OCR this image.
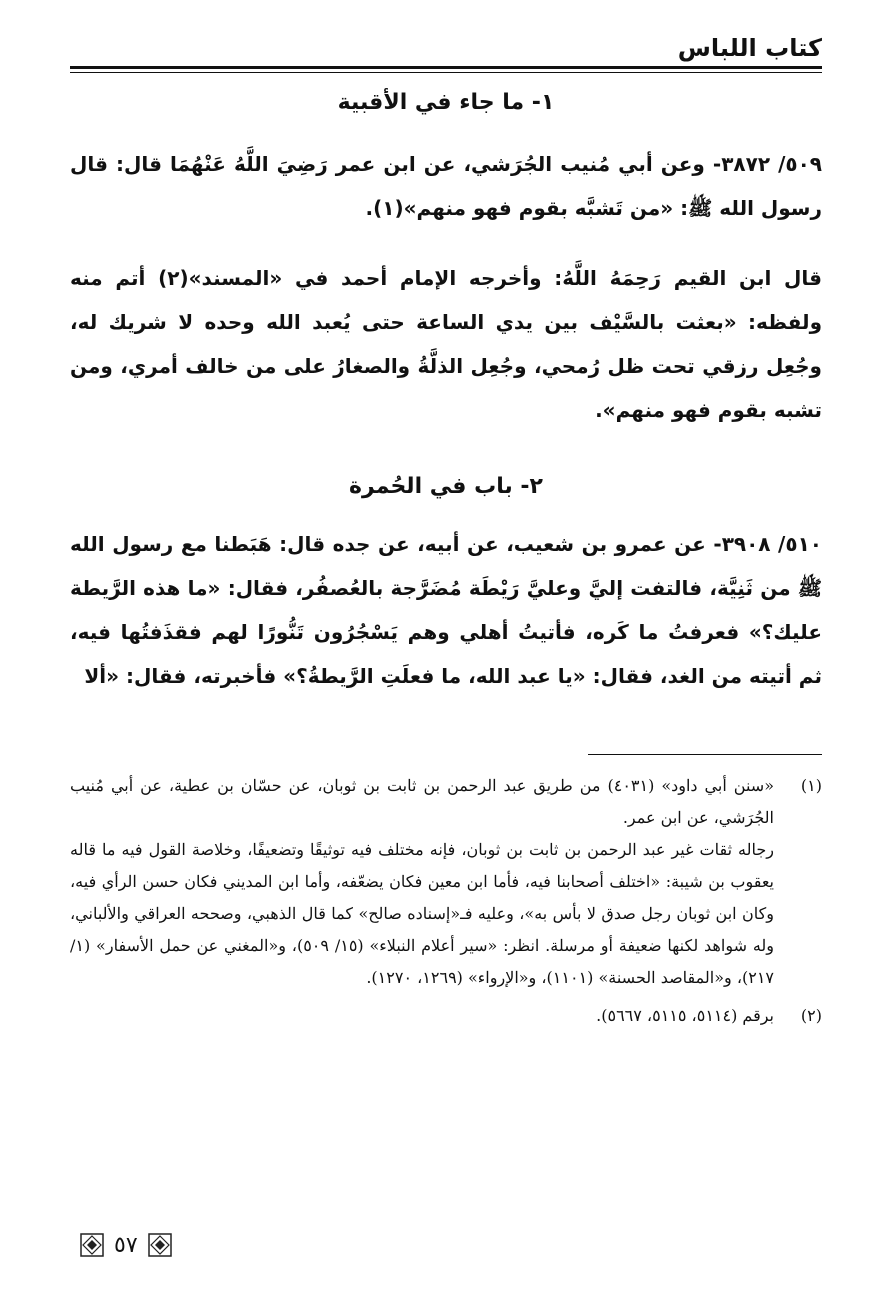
كتاب اللباس
١- ما جاء في الأقبية

٥٠٩/ ٣٨٧٢- وعن أبي مُنيب الجُرَشي، عن ابن عمر رَضِيَ اللَّهُ عَنْهُمَا قال: قال رسول الله ﷺ: «من تَشبَّه بقوم فهو منهم»(١).

قال ابن القيم رَحِمَهُ اللَّهُ: وأخرجه الإمام أحمد في «المسند»(٢) أتم منه ولفظه: «بعثت بالسَّيْف بين يدي الساعة حتى يُعبد الله وحده لا شريك له، وجُعِل رزقي تحت ظل رُمحي، وجُعِل الذلَّةُ والصغارُ على من خالف أمري، ومن تشبه بقوم فهو منهم».

٢- باب في الحُمرة

٥١٠/ ٣٩٠٨- عن عمرو بن شعيب، عن أبيه، عن جده قال: هَبَطنا مع رسول الله ﷺ من ثَنِيَّة، فالتفت إليَّ وعليَّ رَيْطَة مُضَرَّجة بالعُصفُر، فقال: «ما هذه الرَّيطة عليك؟» فعرفتُ ما كَره، فأتيتُ أهلي وهم يَسْجُرُون تَنُّورًا لهم فقذَفتُها فيه، ثم أتيته من الغد، فقال: «يا عبد الله، ما فعلَتِ الرَّيطةُ؟» فأخبرته، فقال: «ألا

(١)
«سنن أبي داود» (٤٠٣١) من طريق عبد الرحمن بن ثابت بن ثوبان، عن حسّان بن عطية، عن أبي مُنيب الجُرَشي، عن ابن عمر.
رجاله ثقات غير عبد الرحمن بن ثابت بن ثوبان، فإنه مختلف فيه توثيقًا وتضعيفًا، وخلاصة القول فيه ما قاله يعقوب بن شيبة: «اختلف أصحابنا فيه، فأما ابن معين فكان يضعّفه، وأما ابن المديني فكان حسن الرأي فيه، وكان ابن ثوبان رجل صدق لا بأس به»، وعليه فـ«إسناده صالح» كما قال الذهبي، وصححه العراقي والألباني، وله شواهد لكنها ضعيفة أو مرسلة. انظر: «سير أعلام النبلاء» (١٥/ ٥٠٩)، و«المغني عن حمل الأسفار» (١/ ٢١٧)، و«المقاصد الحسنة» (١١٠١)، و«الإرواء» (١٢٦٩، ١٢٧٠).
(٢)
برقم (٥١١٤، ٥١١٥، ٥٦٦٧).
٥٧
